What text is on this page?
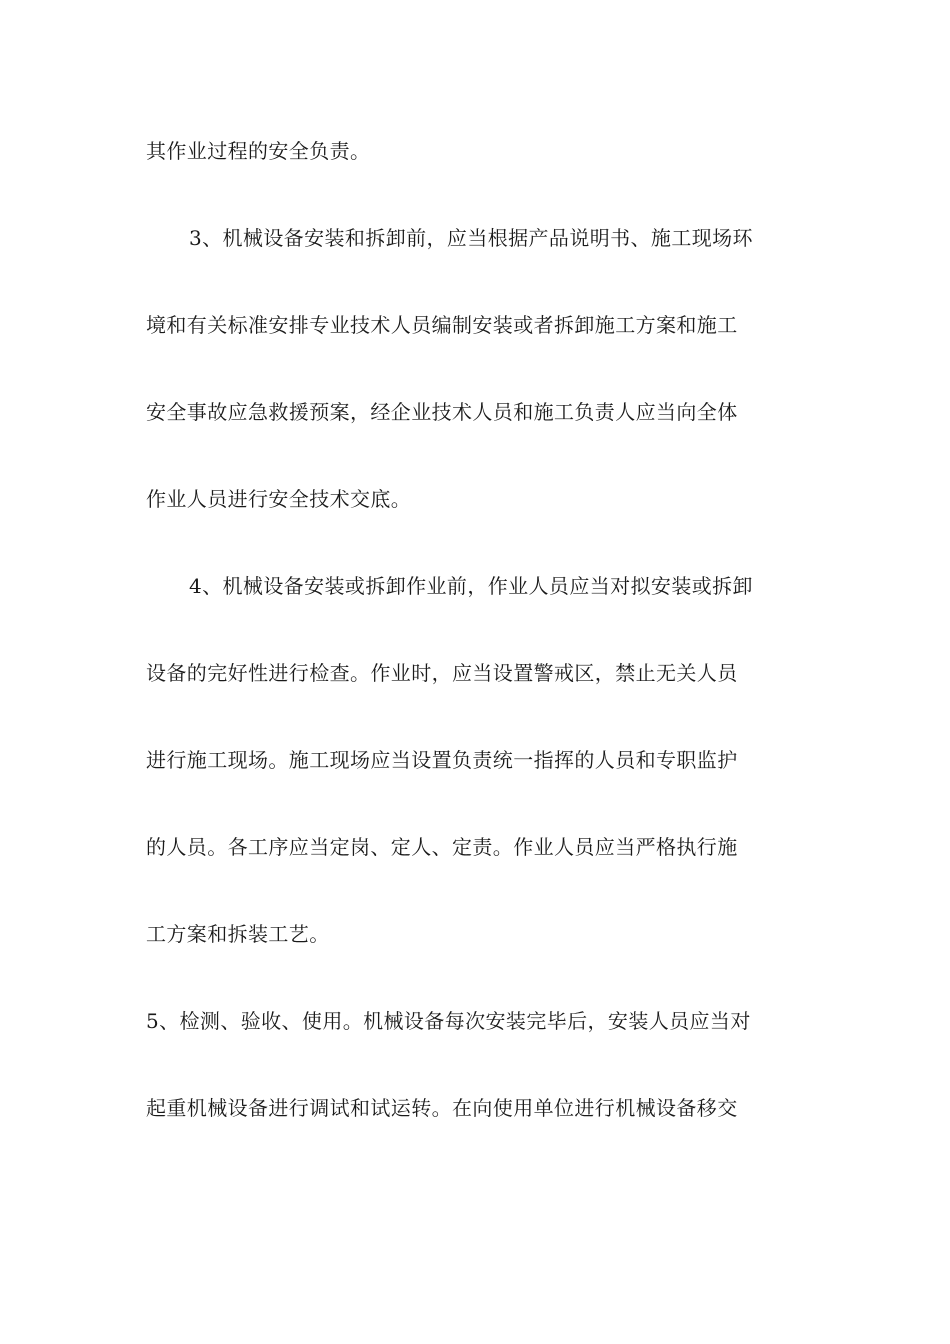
其作业过程的安全负责。
3、机械设备安装和拆卸前，应当根据产品说明书、施工现场环
境和有关标准安排专业技术人员编制安装或者拆卸施工方案和施工
安全事故应急救援预案，经企业技术人员和施工负责人应当向全体
作业人员进行安全技术交底。
4、机械设备安装或拆卸作业前，作业人员应当对拟安装或拆卸
设备的完好性进行检查。作业时，应当设置警戒区，禁止无关人员
进行施工现场。施工现场应当设置负责统一指挥的人员和专职监护
的人员。各工序应当定岗、定人、定责。作业人员应当严格执行施
工方案和拆装工艺。
5、检测、验收、使用。机械设备每次安装完毕后，安装人员应当对
起重机械设备进行调试和试运转。在向使用单位进行机械设备移交
